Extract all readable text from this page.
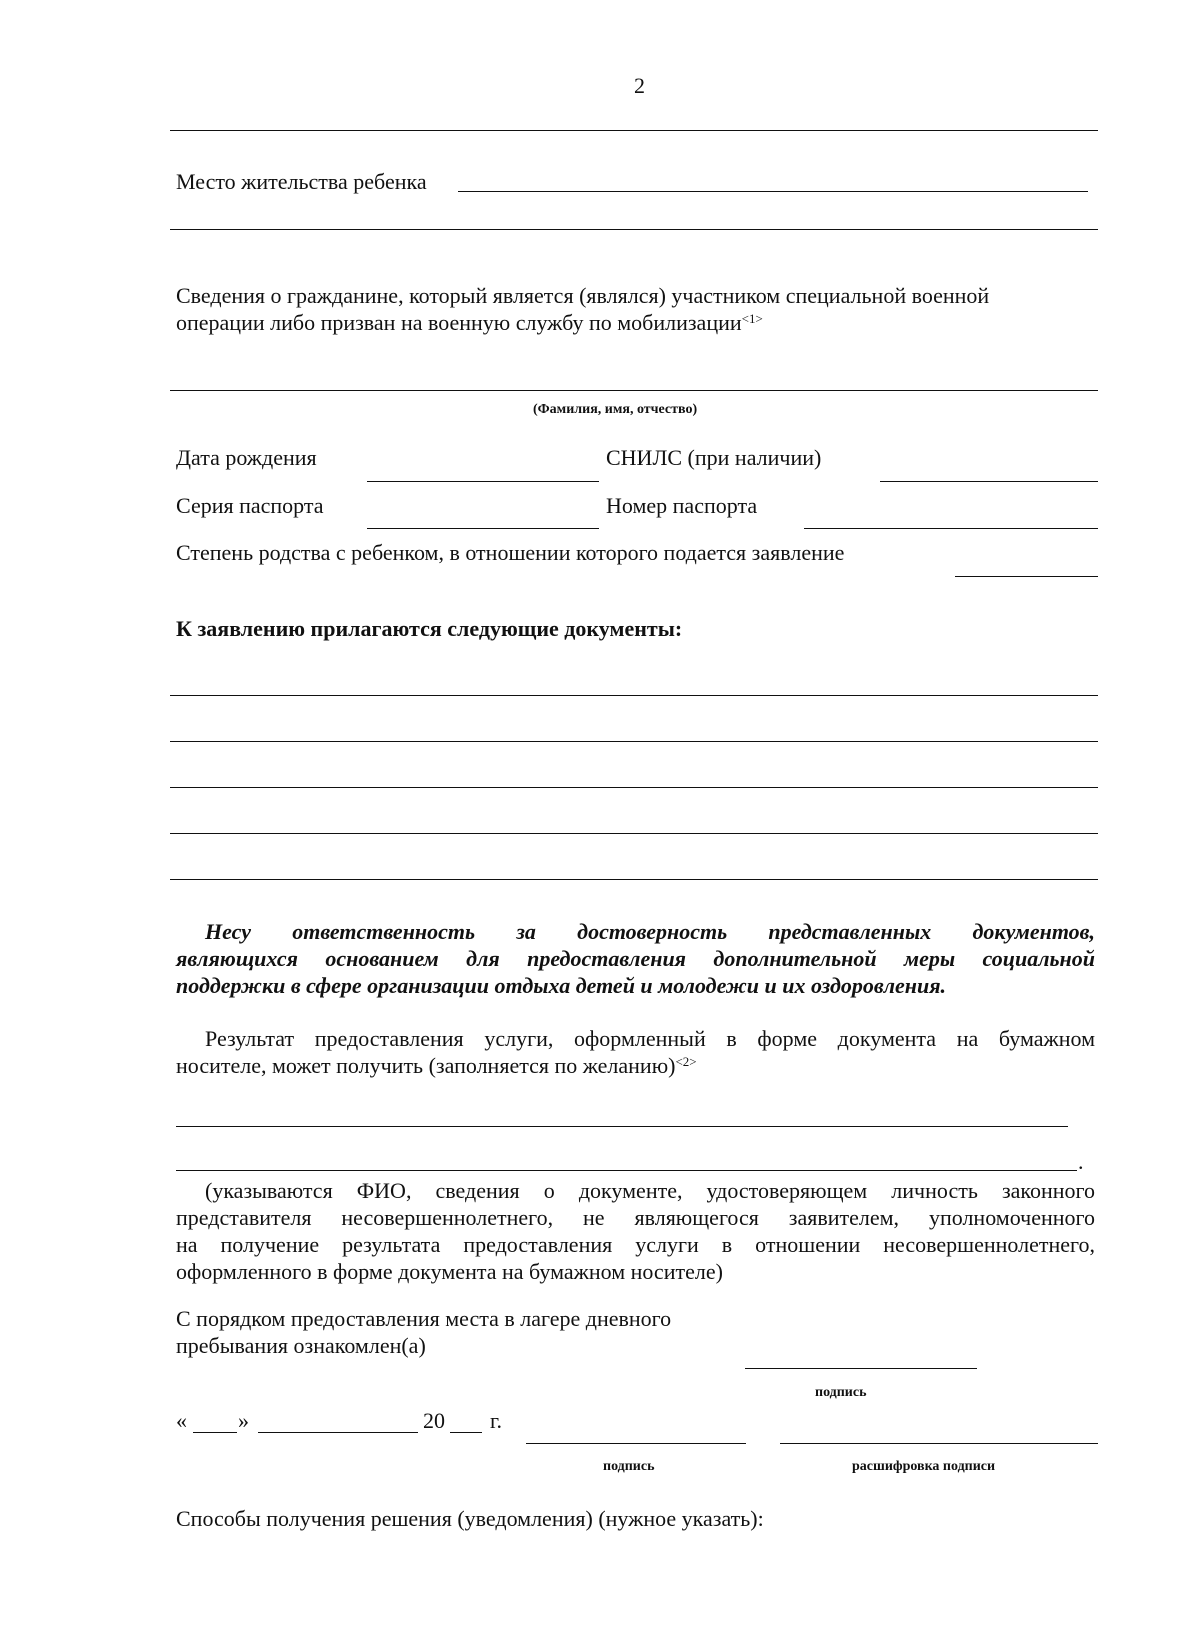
2
Место жительства ребенка
Сведения о гражданине, который является (являлся) участником специальной военной
операции либо призван на военную службу по мобилизации$^{<1>}$
(Фамилия, имя, отчество)
Дата рождения	СНИЛС (при наличии)
Серия паспорта	Номер паспорта
Степень родства с ребенком, в отношении которого подается заявление
К заявлению прилагаются следующие документы:
Несу ответственность за достоверность представленных документов,
являющихся основанием для предоставления дополнительной меры социальной
поддержки в сфере организации отдыха детей и молодежи и их оздоровления.
Результат предоставления услуги, оформленный в форме документа на бумажном
носителе, может получить (заполняется по желанию)$^{<2>}$
.
(указываются ФИО, сведения о документе, удостоверяющем личность законного
представителя несовершеннолетнего, не являющегося заявителем, уполномоченного
на получение результата предоставления услуги в отношении несовершеннолетнего,
оформленного в форме документа на бумажном носителе)
С порядком предоставления места в лагере дневного
пребывания ознакомлен(а)
подпись
« »	20 г.
подпись	расшифровка подписи
Способы получения решения (уведомления) (нужное указать):
